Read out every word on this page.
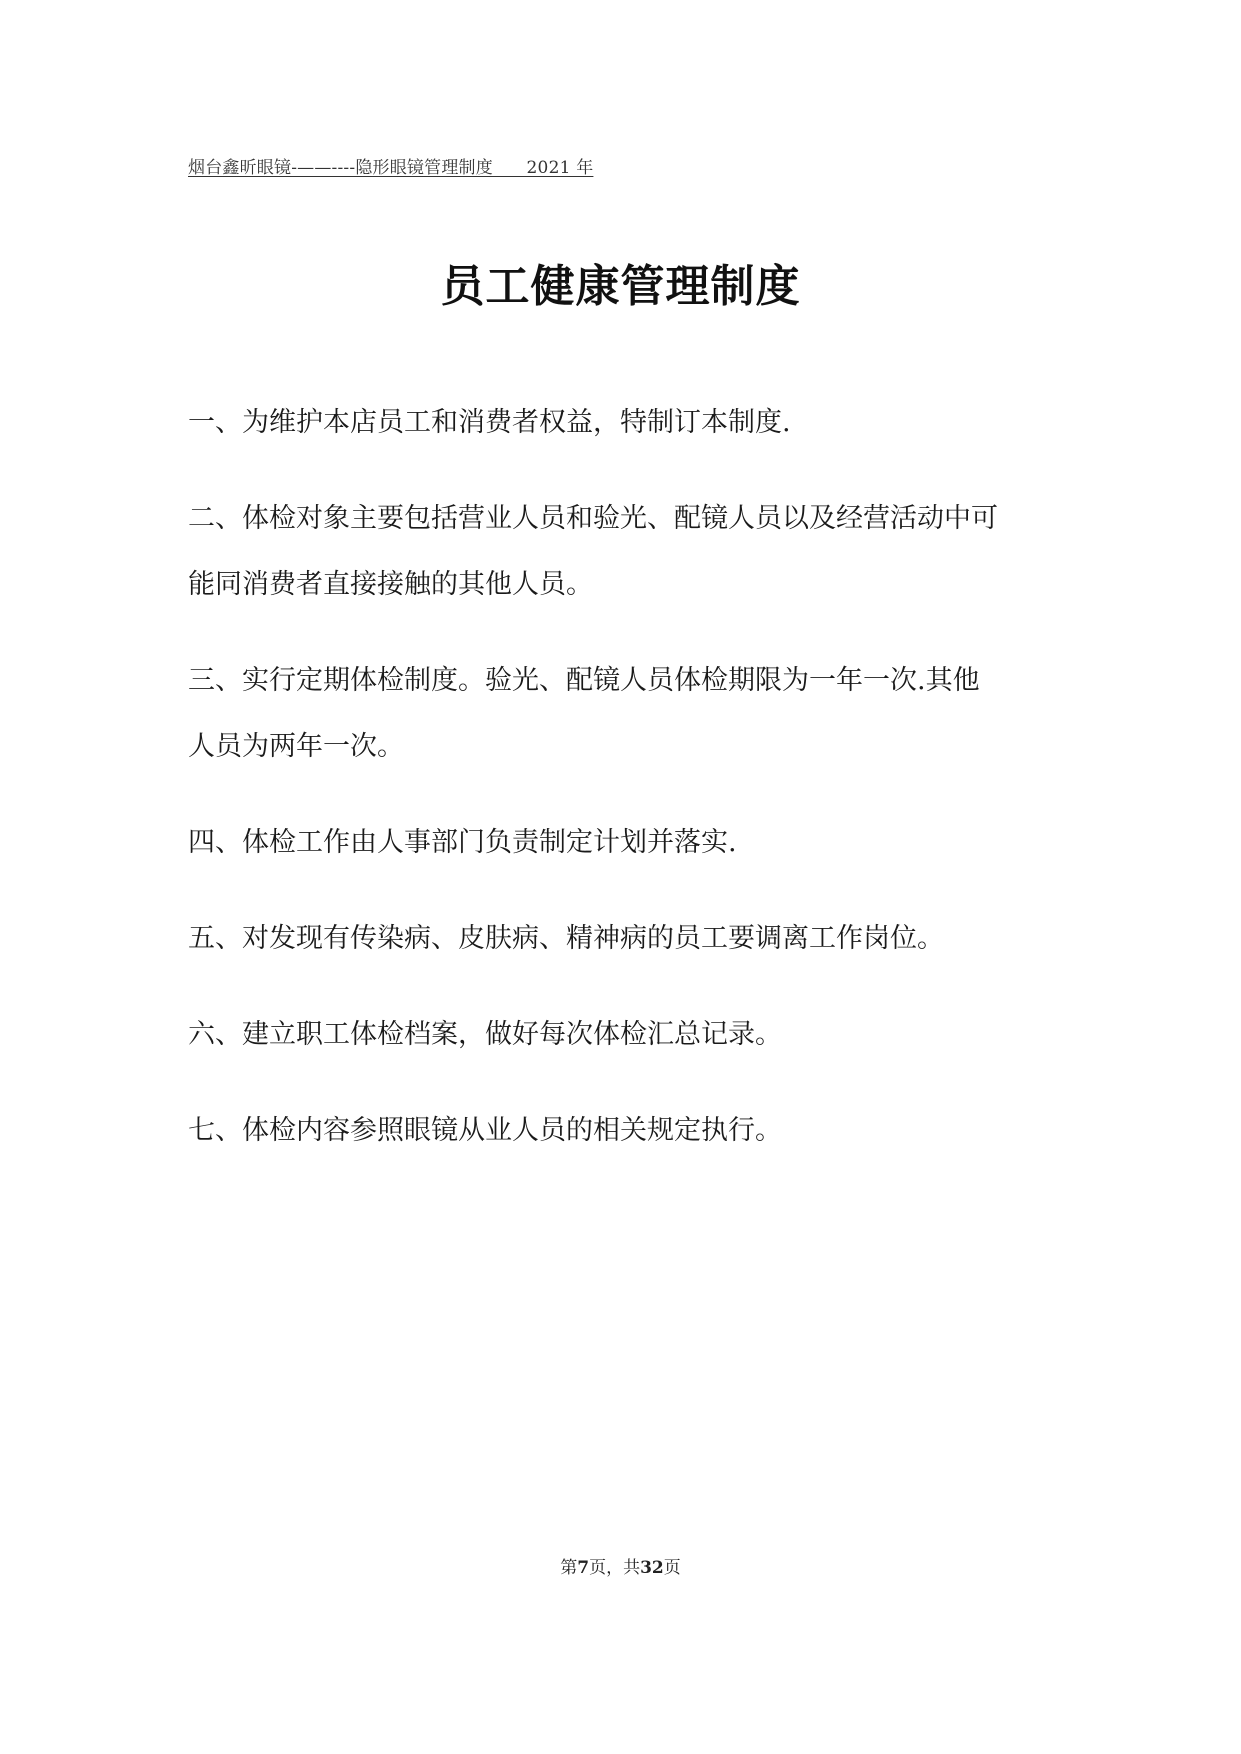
烟台鑫昕眼镜-——----隐形眼镜管理制度      2021 年
员工健康管理制度
一、为维护本店员工和消费者权益，特制订本制度.
二、体检对象主要包括营业人员和验光、配镜人员以及经营活动中可
能同消费者直接接触的其他人员。
三、实行定期体检制度。验光、配镜人员体检期限为一年一次.其他
人员为两年一次。
四、体检工作由人事部门负责制定计划并落实.
五、对发现有传染病、皮肤病、精神病的员工要调离工作岗位。
六、建立职工体检档案，做好每次体检汇总记录。
七、体检内容参照眼镜从业人员的相关规定执行。
第7页，共32页
